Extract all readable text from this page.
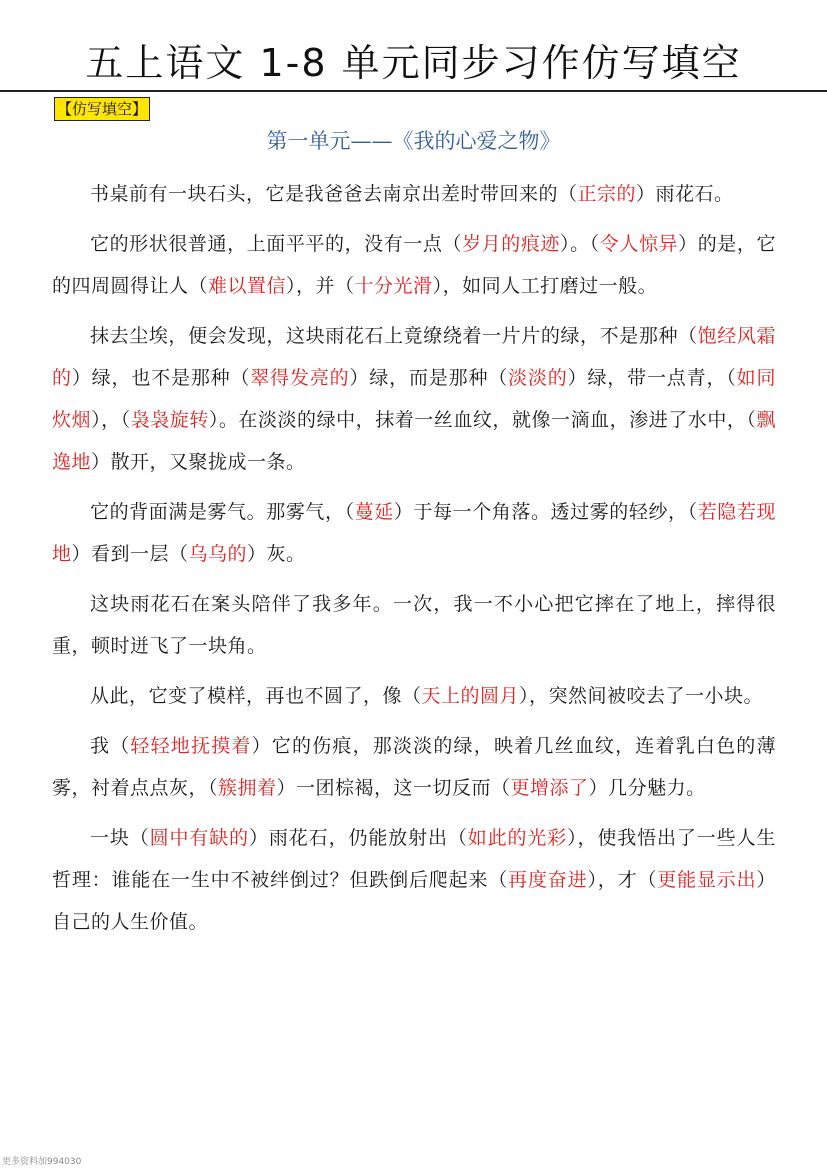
五上语文 1-8 单元同步习作仿写填空
【仿写填空】
第一单元——《我的心爱之物》

书桌前有一块石头，它是我爸爸去南京出差时带回来的（正宗的）雨花石。

它的形状很普通，上面平平的，没有一点（岁月的痕迹）。（令人惊异）的是，它的四周圆得让人（难以置信），并（十分光滑），如同人工打磨过一般。

抹去尘埃，便会发现，这块雨花石上竟缭绕着一片片的绿，不是那种（饱经风霜的）绿，也不是那种（翠得发亮的）绿，而是那种（淡淡的）绿，带一点青，（如同炊烟），（袅袅旋转）。在淡淡的绿中，抹着一丝血纹，就像一滴血，渗进了水中，（飘逸地）散开，又聚拢成一条。

它的背面满是雾气。那雾气，（蔓延）于每一个角落。透过雾的轻纱，（若隐若现地）看到一层（乌乌的）灰。

这块雨花石在案头陪伴了我多年。一次，我一不小心把它摔在了地上，摔得很重，顿时迸飞了一块角。

从此，它变了模样，再也不圆了，像（天上的圆月），突然间被咬去了一小块。

我（轻轻地抚摸着）它的伤痕，那淡淡的绿，映着几丝血纹，连着乳白色的薄雾，衬着点点灰，（簇拥着）一团棕褐，这一切反而（更增添了）几分魅力。

一块（圆中有缺的）雨花石，仍能放射出（如此的光彩），使我悟出了一些人生哲理：谁能在一生中不被绊倒过？但跌倒后爬起来（再度奋进），才（更能显示出）自己的人生价值。

更多资料加994030
